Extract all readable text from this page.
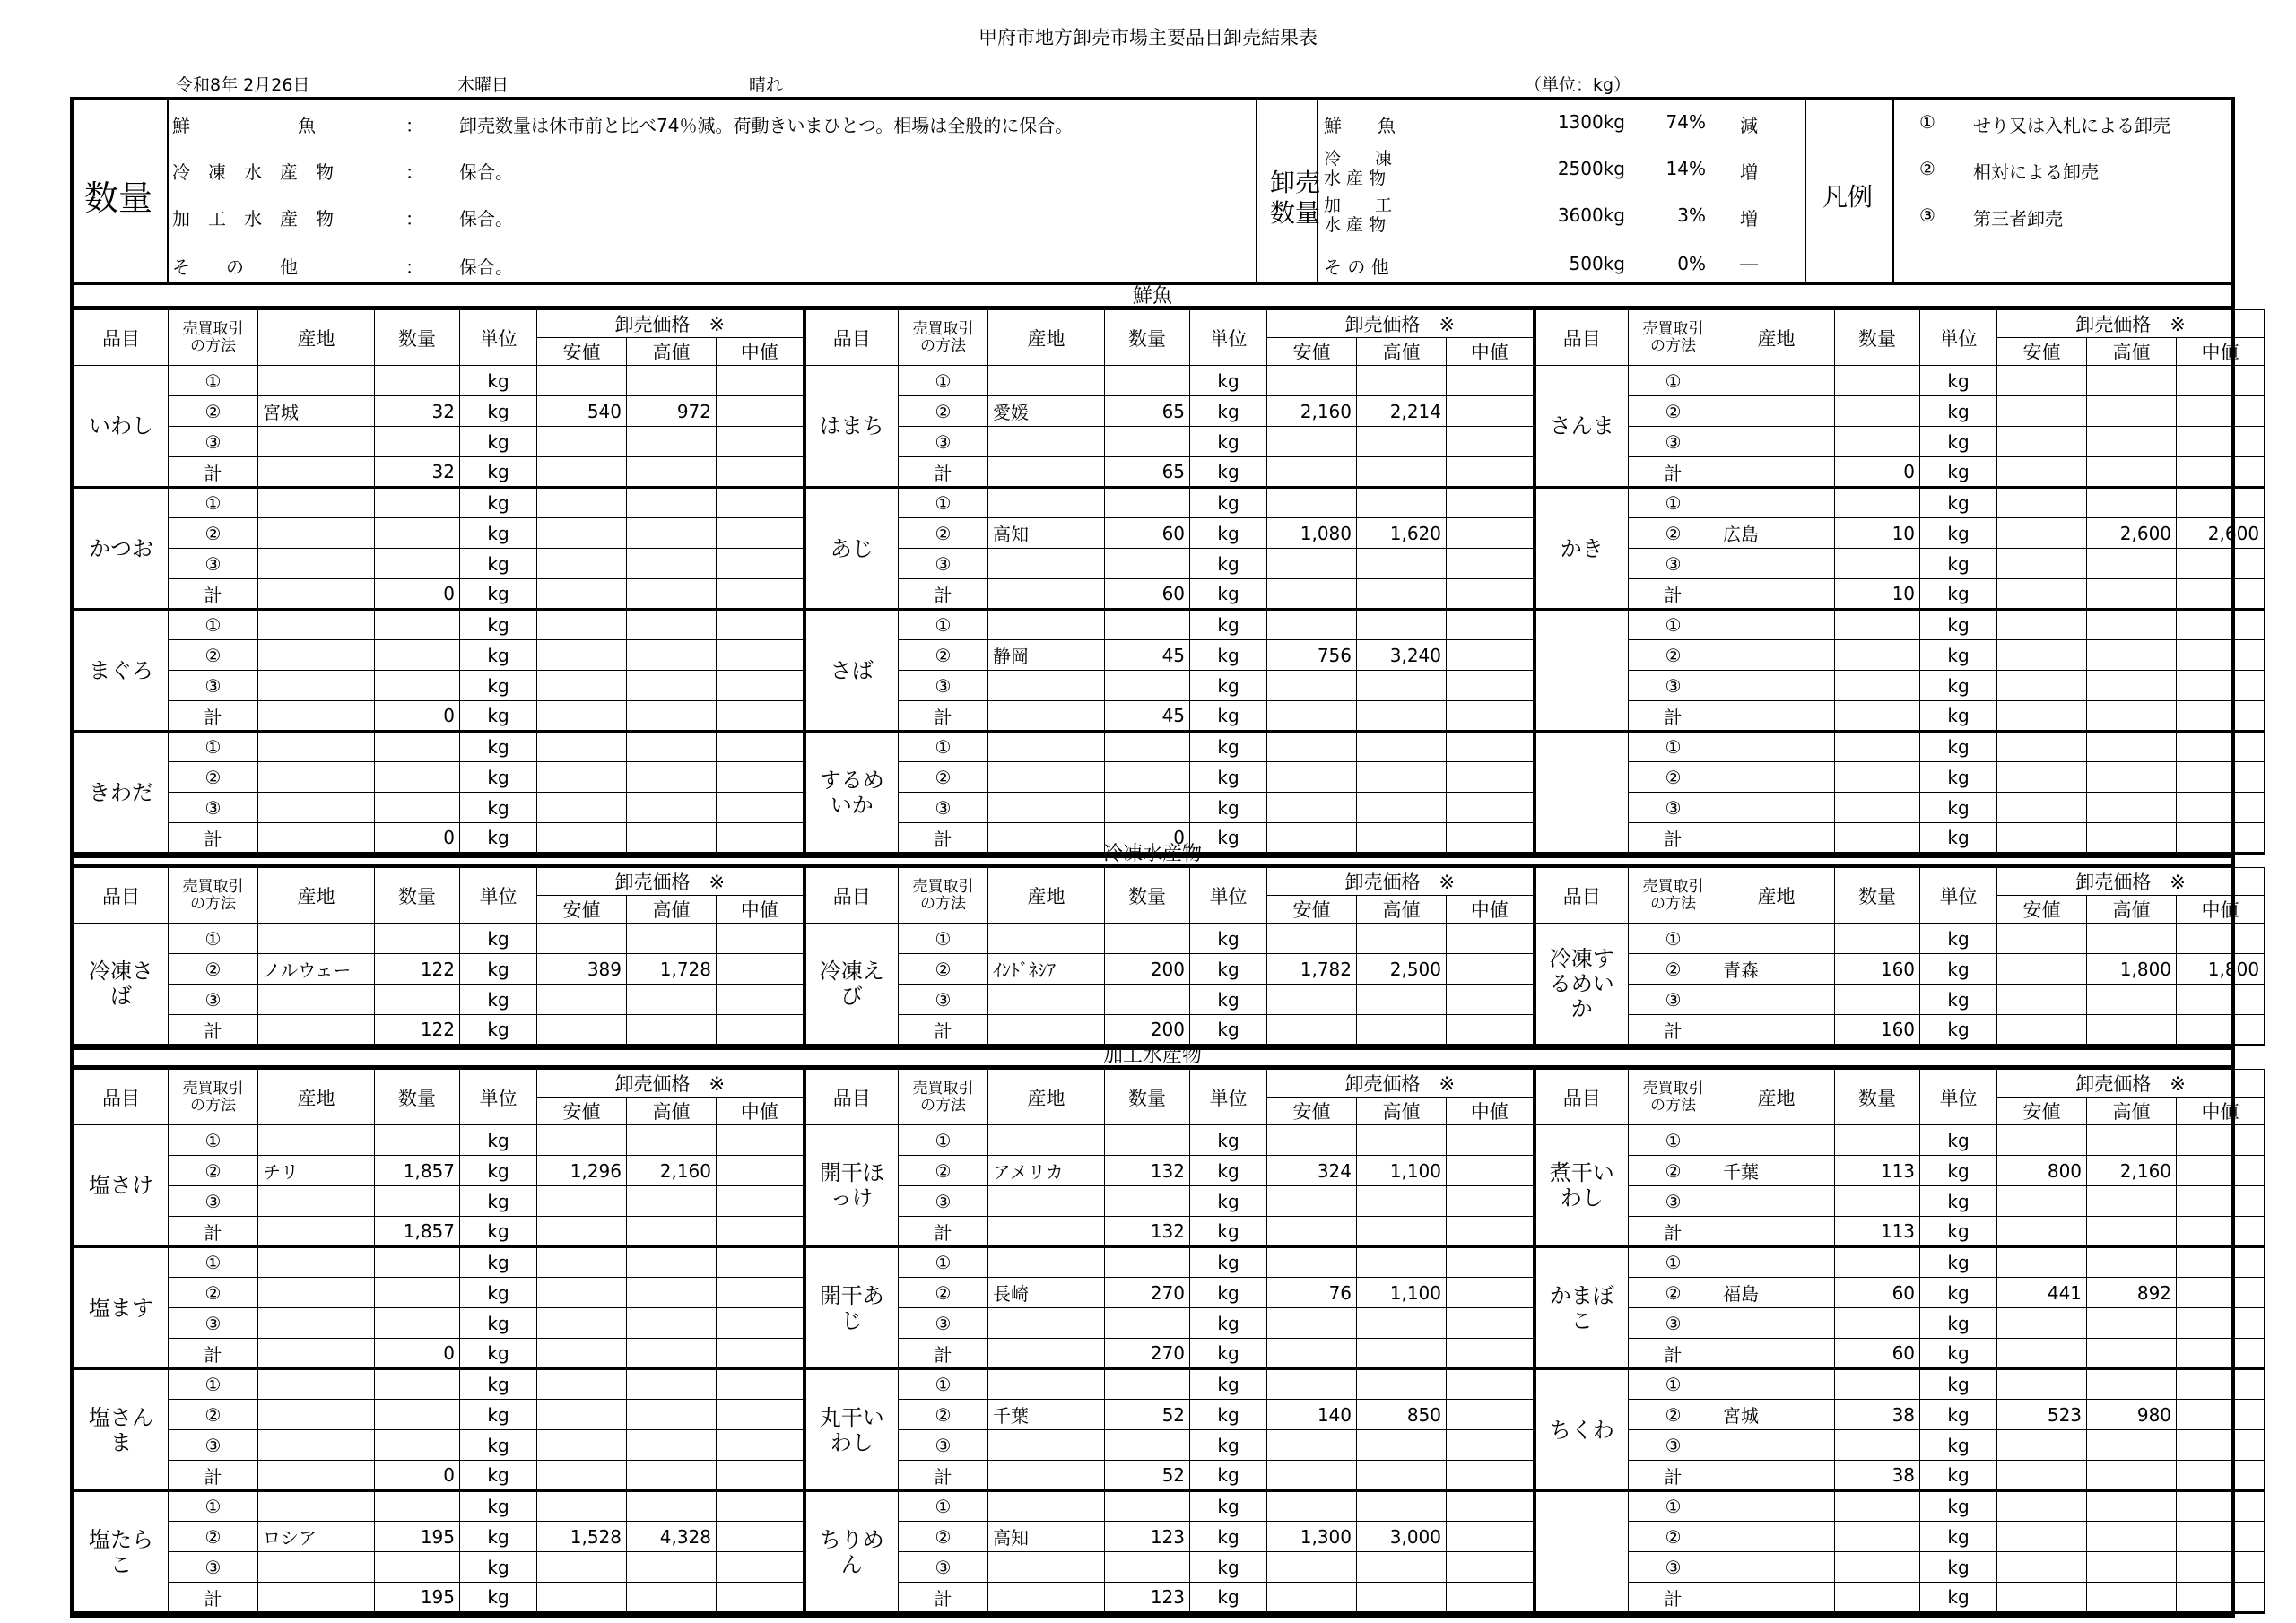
甲府市地方卸売市場主要品目卸売結果表
令和8年 2月26日	木曜日	晴れ	（単位：kg）
数量
鮮　　　　　　魚	： 卸売数量は休市前と比べ74％減。荷動きいまひとつ。相場は全般的に保合。
冷　凍　水　産　物	： 保合。
加　工　水　産　物	： 保合。
そ　　の　　他	： 保合。
卸売
数量
鮮　　魚	1300kg	74% 減
冷　　凍
水 産 物	2500kg	14% 増
加　　工
水 産 物	3600kg	3% 増
そ の 他	500kg	0% ―
凡例
① せり又は入札による卸売
② 相対による卸売
③ 第三者卸売
鮮魚
品目	売買取引
の方法	産地	数量	単位	卸売価格　※			品目	売買取引
の方法	産地	数量	単位	卸売価格　※			品目	売買取引
の方法	産地	数量	単位	卸売価格　※		
					安値	高値	中値						安値	高値	中値						安値	高値	中値
いわし	①			kg				はまち	①			kg				さんま	①			kg			
	②	宮城	32	kg	540	972			②	愛媛	65	kg	2,160	2,214			②			kg			
	③			kg					③			kg					③			kg			
	計		32	kg					計		65	kg					計		0	kg			
かつお	①			kg				あじ	①			kg				かき	①			kg			
	②			kg					②	高知	60	kg	1,080	1,620			②	広島	10	kg		2,600	2,600
	③			kg					③			kg					③			kg			
	計		0	kg					計		60	kg					計		10	kg			
まぐろ	①			kg				さば	①			kg					①			kg			
	②			kg					②	静岡	45	kg	756	3,240			②			kg			
	③			kg					③			kg					③			kg			
	計		0	kg					計		45	kg					計			kg			
きわだ	①			kg				するめいか	①			kg					①			kg			
	②			kg					②			kg					②			kg			
	③			kg					③			kg					③			kg			
	計		0	kg					計		0	kg					計			kg			
冷凍水産物
品目	売買取引
の方法	産地	数量	単位	卸売価格　※			品目	売買取引
の方法	産地	数量	単位	卸売価格　※			品目	売買取引
の方法	産地	数量	単位	卸売価格　※		
					安値	高値	中値						安値	高値	中値						安値	高値	中値
冷凍さば	①			kg				冷凍えび	①			kg				冷凍するめいか	①			kg			
	②	ノルウェー	122	kg	389	1,728			②	ｲﾝﾄﾞﾈｼｱ	200	kg	1,782	2,500			②	青森	160	kg		1,800	1,800
	③			kg					③			kg					③			kg			
	計		122	kg					計		200	kg					計		160	kg			
加工水産物
品目	売買取引
の方法	産地	数量	単位	卸売価格　※			品目	売買取引
の方法	産地	数量	単位	卸売価格　※			品目	売買取引
の方法	産地	数量	単位	卸売価格　※		
					安値	高値	中値						安値	高値	中値						安値	高値	中値
塩さけ	①			kg				開干ほっけ	①			kg				煮干いわし	①			kg			
	②	チリ	1,857	kg	1,296	2,160			②	アメリカ	132	kg	324	1,100			②	千葉	113	kg	800	2,160	
	③			kg					③			kg					③			kg			
	計		1,857	kg					計		132	kg					計		113	kg			
塩ます	①			kg				開干あじ	①			kg				かまぼこ	①			kg			
	②			kg					②	長崎	270	kg	76	1,100			②	福島	60	kg	441	892	
	③			kg					③			kg					③			kg			
	計		0	kg					計		270	kg					計		60	kg			
塩さんま	①			kg				丸干いわし	①			kg				ちくわ	①			kg			
	②			kg					②	千葉	52	kg	140	850			②	宮城	38	kg	523	980	
	③			kg					③			kg					③			kg			
	計		0	kg					計		52	kg					計		38	kg			
塩たらこ	①			kg				ちりめん	①			kg					①			kg			
	②	ロシア	195	kg	1,528	4,328			②	高知	123	kg	1,300	3,000			②			kg			
	③			kg					③			kg					③			kg			
	計		195	kg					計		123	kg					計			kg			
